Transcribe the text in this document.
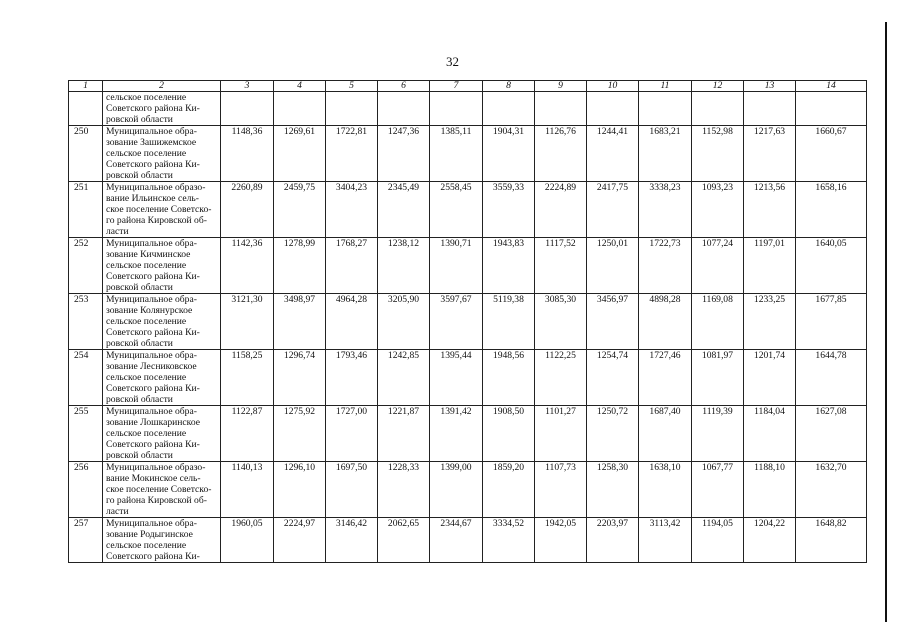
32
1	2	3	4	5	6	7	8	9	10	11	12	13	14

	сельское поселение
Советского района Ки-
ровской области												

250	Муниципальное обра-
зование Зашижемское
сельское поселение
Советского района Ки-
ровской области	1148,36	1269,61	1722,81	1247,36	1385,11	1904,31	1126,76	1244,41	1683,21	1152,98	1217,63	1660,67
251	Муниципальное образо-
вание Ильинское сель-
ское поселение Советско-
го района Кировской об-
ласти	2260,89	2459,75	3404,23	2345,49	2558,45	3559,33	2224,89	2417,75	3338,23	1093,23	1213,56	1658,16
252	Муниципальное обра-
зование Кичминское
сельское поселение
Советского района Ки-
ровской области	1142,36	1278,99	1768,27	1238,12	1390,71	1943,83	1117,52	1250,01	1722,73	1077,24	1197,01	1640,05
253	Муниципальное обра-
зование Колянурское
сельское поселение
Советского района Ки-
ровской области	3121,30	3498,97	4964,28	3205,90	3597,67	5119,38	3085,30	3456,97	4898,28	1169,08	1233,25	1677,85
254	Муниципальное обра-
зование Лесниковское
сельское поселение
Советского района Ки-
ровской области	1158,25	1296,74	1793,46	1242,85	1395,44	1948,56	1122,25	1254,74	1727,46	1081,97	1201,74	1644,78
255	Муниципальное обра-
зование Лошкаринское
сельское поселение
Советского района Ки-
ровской области	1122,87	1275,92	1727,00	1221,87	1391,42	1908,50	1101,27	1250,72	1687,40	1119,39	1184,04	1627,08
256	Муниципальное образо-
вание Мокинское сель-
ское поселение Советско-
го района Кировской об-
ласти	1140,13	1296,10	1697,50	1228,33	1399,00	1859,20	1107,73	1258,30	1638,10	1067,77	1188,10	1632,70
257	Муниципальное обра-
зование Родыгинское
сельское поселение
Советского района Ки-	1960,05	2224,97	3146,42	2062,65	2344,67	3334,52	1942,05	2203,97	3113,42	1194,05	1204,22	1648,82
